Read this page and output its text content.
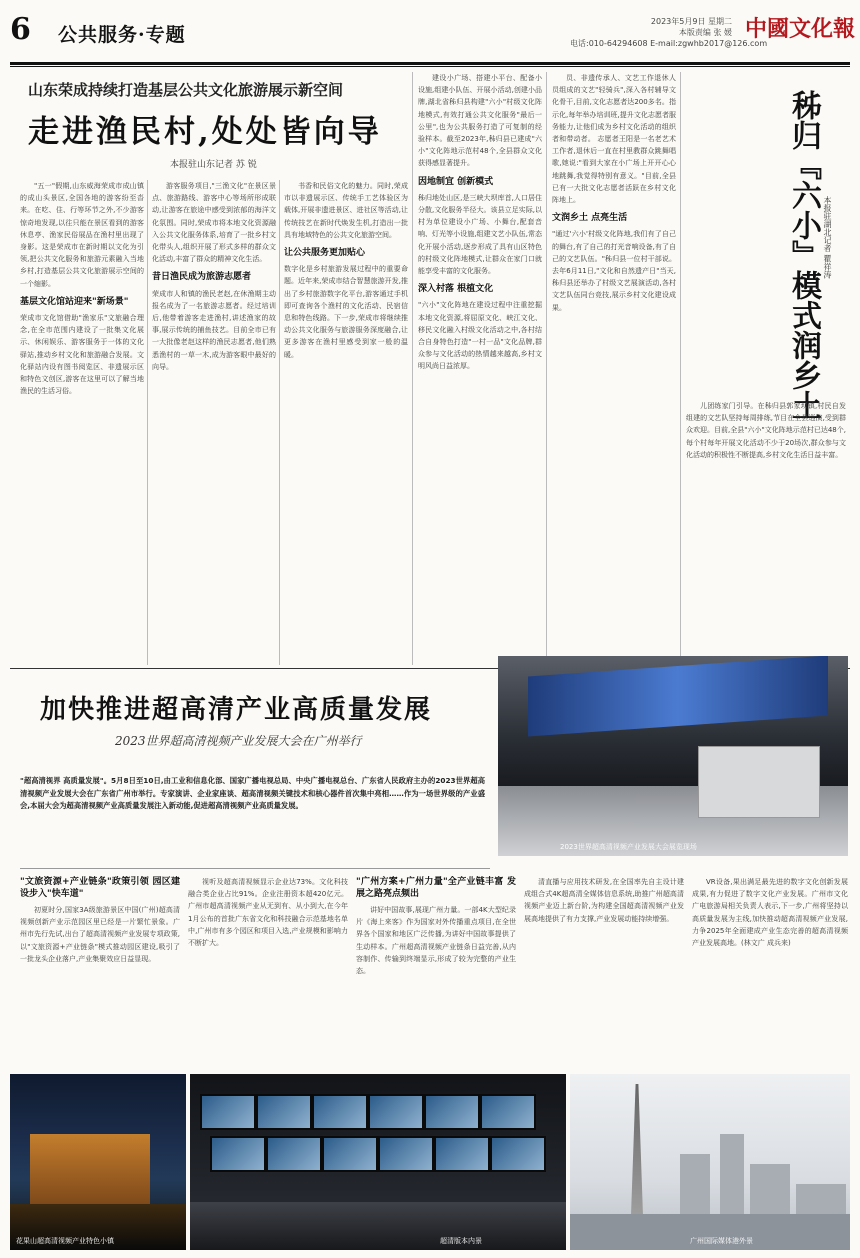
6 公共服务·专题
2023年5月9日 星期二
本版责编 张 媛
电话:010-64294608 E-mail:zgwhb2017@126.com
中國文化報
山东荣成持续打造基层公共文化旅游展示新空间
走进渔民村,处处皆向导
本报驻山东记者 苏 锐
"五一"假期,山东威海荣成市成山镇的成山头景区,全国各地的游客纷至沓来。在吃、住、行等环节之外,不少游客惊奇地发现,以往只能在景区看到的游客休息亭、渔家民俗展品在渔村里出现了身影。这是荣成市在新时期以文化为引领,把公共文化服务和旅游元素融入当地乡村,打造基层公共文化旅游展示空间的一个缩影。
基层文化馆站迎来"新场景"
荣成市文化馆借助"渔家乐"文旅融合理念,在全市范围内建设了一批集文化展示、休闲娱乐、游客服务于一体的文化驿站,推动乡村文化和旅游融合发展。文化驿站内设有图书阅览区、非遗展示区和特色文创区,游客在这里可以了解当地渔民的生活习俗。
游客服务项目,"三渔文化"在景区景点、旅游路线、游客中心等场所形成联动,让游客在旅途中感受到浓郁的海洋文化氛围。同时,荣成市将本地文化资源融入公共文化服务体系,培育了一批乡村文化带头人,组织开展了形式多样的群众文化活动,丰富了群众的精神文化生活。
昔日渔民成为旅游志愿者
荣成市人和镇的渔民老赵,在休渔期主动报名成为了一名旅游志愿者。经过培训后,他带着游客走进渔村,讲述渔家的故事,展示传统的捕鱼技艺。目前全市已有一大批像老赵这样的渔民志愿者,他们熟悉渔村的一草一木,成为游客眼中最好的向导。
书香和民俗文化的魅力。同时,荣成市以非遗展示区、传统手工艺体验区为载体,开展非遗进景区、进社区等活动,让传统技艺在新时代焕发生机,打造出一批具有地域特色的公共文化旅游空间。
让公共服务更加贴心
数字化是乡村旅游发展过程中的重要命题。近年来,荣成市结合智慧旅游开发,推出了乡村旅游数字化平台,游客通过手机即可查询各个渔村的文化活动、民宿信息和特色线路。下一步,荣成市将继续推动公共文化服务与旅游服务深度融合,让更多游客在渔村里感受到家一般的温暖。
建设小广场、搭建小平台、配备小设施,组建小队伍、开展小活动,创建小品牌,湖北省秭归县构建"六小"村级文化阵地模式,有效打通公共文化服务"最后一公里",也为公共服务打造了可复制的经验样本。截至2023年,秭归县已建成"六小"文化阵地示范村48个,全县群众文化获得感显著提升。
因地制宜 创新模式
秭归地处山区,是三峡大坝库首,人口居住分散,文化服务半径大。该县立足实际,以村为单位建设小广场、小舞台,配套音响、灯光等小设施,组建文艺小队伍,常态化开展小活动,逐步形成了具有山区特色的村级文化阵地模式,让群众在家门口就能享受丰富的文化服务。
深入村落 根植文化
"六小"文化阵地在建设过程中注重挖掘本地文化资源,将屈原文化、峡江文化、移民文化融入村级文化活动之中,各村结合自身特色打造"一村一品"文化品牌,群众参与文化活动的热情越来越高,乡村文明风尚日益浓厚。
员、非遗传承人、文艺工作退休人员组成的文艺"轻骑兵",深入各村辅导文化骨干,目前,文化志愿者达200多名。指示化,每年举办培训班,提升文化志愿者服务能力,让他们成为乡村文化活动的组织者和带动者。 志愿者王阳是一名老艺术工作者,退休后一直在村里教群众跳舞唱歌,她说:"看到大家在小广场上开开心心地跳舞,我觉得特别有意义。"目前,全县已有一大批文化志愿者活跃在乡村文化阵地上。
文润乡土 点亮生活
"通过'六小'村级文化阵地,我们有了自己的舞台,有了自己的打光音响设备,有了自己的文艺队伍。"秭归县一位村干部说。去年6月11日,"文化和自然遗产日"当天,秭归县还举办了村级文艺展演活动,各村文艺队伍同台竞技,展示乡村文化建设成果。	秭归『六小』模式润乡土 本报驻湖北记者 瞿祥涛
儿团练家门引导。在秭归县郭家坝镇,村民自发组建的文艺队坚持每周排练,节目在全县巡演,受到群众欢迎。目前,全县"六小"文化阵地示范村已达48个,每个村每年开展文化活动不少于20场次,群众参与文化活动的积极性不断提高,乡村文化生活日益丰富。
加快推进超高清产业高质量发展
2023世界超高清视频产业发展大会在广州举行
"超高清视界 高质量发展"。5月8日至10日,由工业和信息化部、国家广播电视总局、中央广播电视总台、广东省人民政府主办的2023世界超高清视频产业发展大会在广东省广州市举行。专家演讲、企业家座谈、超高清视频关键技术和核心器件首次集中亮相……作为一场世界级的产业盛会,本届大会为超高清视频产业高质量发展注入新动能,促进超高清视频产业高质量发展。
2023世界超高清视频产业发展大会展览现场
"文旅资源+产业链条"政策引领 园区建设步入"快车道"
初夏时分,国家3A级旅游景区中国(广州)超高清视频创新产业示范园区里已经是一片繁忙景象。广州市先行先试,出台了超高清视频产业发展专项政策,以"文旅资源+产业链条"模式推动园区建设,吸引了一批龙头企业落户,产业集聚效应日益显现。
视听及超高清视频显示企业达73%。文化科技融合类企业占比91%。企业注册资本超420亿元。广州市超高清视频产业从无到有、从小到大,在今年1月公布的首批广东省文化和科技融合示范基地名单中,广州市有多个园区和项目入选,产业规模和影响力不断扩大。
"广州方案+广州力量"全产业链丰富 发展之路亮点频出
讲好中国故事,展现广州力量。一部4K大型纪录片《海上来客》作为国家对外传播重点项目,在全世界各个国家和地区广泛传播,为讲好中国故事提供了生动样本。广州超高清视频产业链条日益完善,从内容制作、传输到终端显示,形成了较为完整的产业生态。
清直播与应用技术研发,在全国率先自主设计建成组合式4K超高清全媒体信息系统,助推广州超高清视频产业迈上新台阶,为构建全国超高清视频产业发展高地提供了有力支撑,产业发展动能持续增强。
VR设备,果出满足最先进的数字文化创新发展成果,有力促进了数字文化产业发展。广州市文化广电旅游局相关负责人表示,下一步,广州将坚持以高质量发展为主线,加快推动超高清视频产业发展,力争2025年全面建成产业生态完善的超高清视频产业发展高地。(林文广 成兵来)
花果山超高清视频产业特色小镇	超清版本内景	广州国际媒体港外景
